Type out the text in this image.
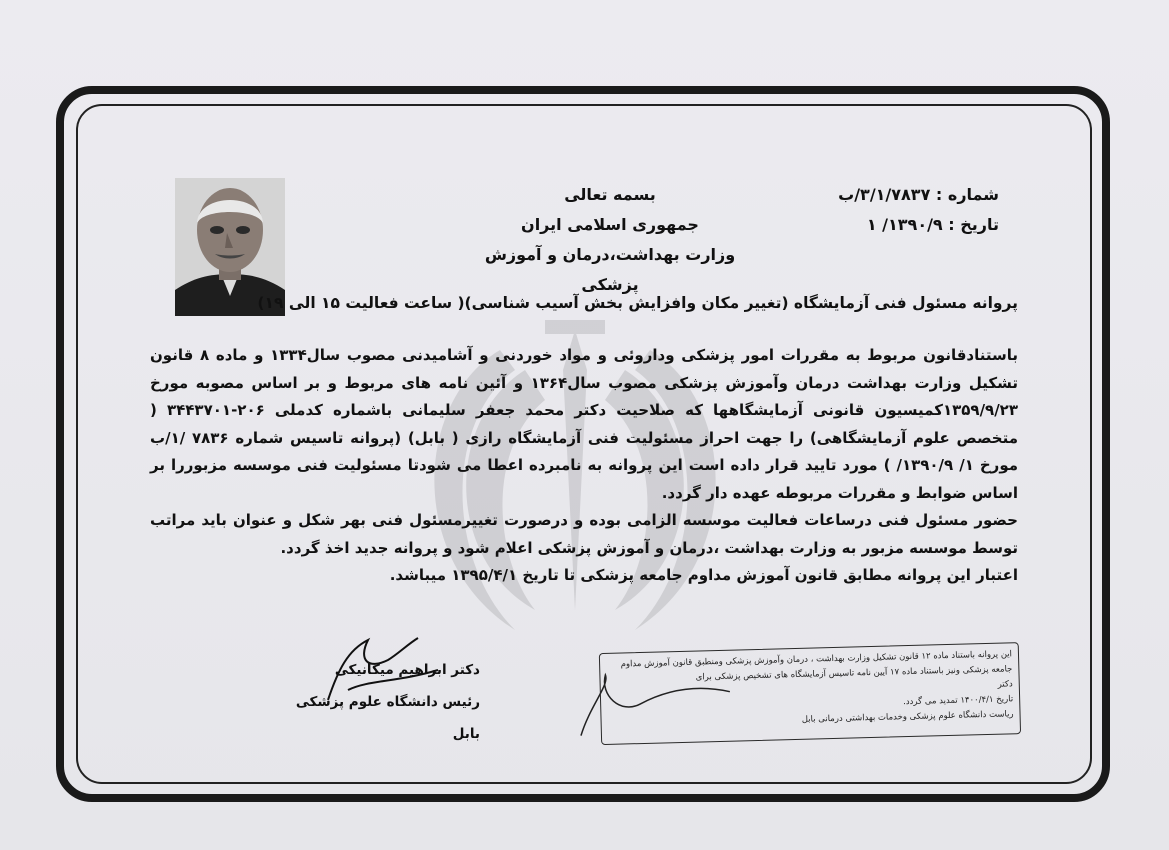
شماره : ۳/۱/۷۸۳۷/ب
تاریخ : ۱۳۹۰/۹/ ۱
بسمه تعالی
جمهوری اسلامی ایران
وزارت بهداشت،درمان و آموزش پزشکی
پروانه مسئول فنی آزمایشگاه (تغییر مکان وافزایش بخش آسیب شناسی)( ساعت فعالیت ۱۵ الی ۱۹)

باستنادقانون مربوط به مقررات امور پزشکی وداروئی و مواد خوردنی و آشامیدنی مصوب سال۱۳۳۴ و ماده ۸ قانون تشکیل وزارت بهداشت درمان وآموزش پزشکی مصوب سال۱۳۶۴ و آئین نامه های مربوط و بر اساس مصوبه مورخ ۱۳۵۹/۹/۲۳کمیسیون قانونی آزمایشگاهها که صلاحیت دکتر محمد جعفر سلیمانی باشماره کدملی ۲۰۶-۳۴۴۳۷۰۱ ( متخصص علوم آزمایشگاهی) را جهت احراز مسئولیت فنی آزمایشگاه رازی ( بابل) (پروانه تاسیس شماره ۷۸۳۶ /۱/ب مورخ ۱/ ۱۳۹۰/۹/ ) مورد تایید قرار داده است این پروانه به نامبرده اعطا می شودتا مسئولیت فنی موسسه مزبوررا بر اساس ضوابط و مقررات مربوطه عهده دار گردد.

حضور مسئول فنی درساعات فعالیت موسسه الزامی بوده و درصورت تغییرمسئول فنی بهر شکل و عنوان باید مراتب توسط موسسه مزبور به وزارت بهداشت ،درمان و آموزش پزشکی اعلام شود و پروانه جدید اخذ گردد.

اعتبار این پروانه مطابق قانون آموزش مداوم جامعه پزشکی تا تاریخ ۱۳۹۵/۴/۱ میباشد.

دکتر ابراهیم میکانیکی
رئیس دانشگاه علوم پزشکی بابل
این پروانه باستناد ماده ۱۲ قانون تشکیل وزارت بهداشت ، درمان وآموزش پزشکی ومنطبق قانون آموزش مداوم
جامعه پزشکی ونیز باستناد ماده ۱۷ آیین نامه تاسیس آزمایشگاه های تشخیص پزشکی برای
دکتر
تاریخ ۱۴۰۰/۴/۱ تمدید می گردد.
ریاست دانشگاه علوم پزشکی وخدمات بهداشتی درمانی بابل
